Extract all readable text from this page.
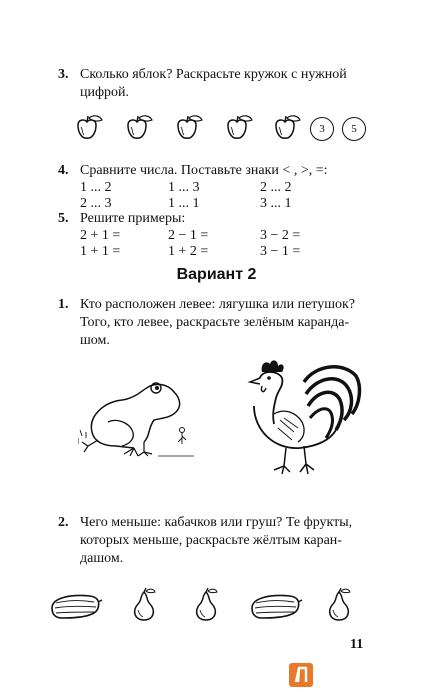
3. Сколько яблок? Раскрасьте кружок с нужной
цифрой.
3	5
4. Сравните числа. Поставьте знаки < , >, =:
1 ... 2	1 ... 3	2 ... 2
2 ... 3	1 ... 1	3 ... 1
5. Решите примеры:
2 + 1 =	2 − 1 =	3 − 2 =
1 + 1 =	1 + 2 =	3 − 1 =
Вариант 2
1. Кто расположен левее: лягушка или петушок?
Того, кто левее, раскрасьте зелёным каранда-
шом.
2. Чего меньше: кабачков или груш? Те фрукты,
которых меньше, раскрасьте жёлтым каран-
дашом.
11
